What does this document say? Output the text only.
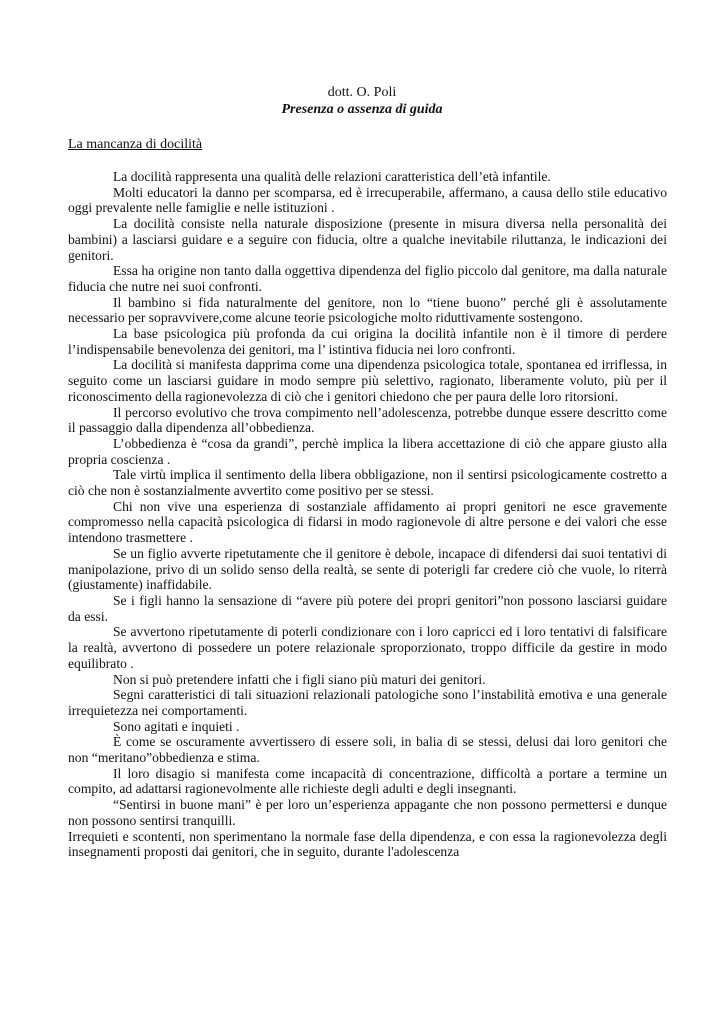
dott. O. Poli
Presenza o assenza di guida
La mancanza di docilità

La docilità rappresenta una qualità delle relazioni caratteristica dell’età infantile.

Molti educatori la danno per scomparsa, ed è irrecuperabile, affermano, a causa dello stile educativo oggi prevalente nelle famiglie e nelle istituzioni .

La docilità consiste nella naturale disposizione (presente in misura diversa nella personalità dei bambini) a lasciarsi guidare e a seguire con fiducia, oltre a qualche inevitabile riluttanza, le indicazioni dei genitori.

Essa ha origine non tanto dalla oggettiva dipendenza del figlio piccolo dal genitore, ma dalla naturale fiducia che nutre nei suoi confronti.

Il bambino si fida naturalmente del genitore, non lo “tiene buono” perché gli è assolutamente necessario per sopravvivere,come alcune teorie psicologiche molto riduttivamente sostengono.

La base psicologica più profonda da cui origina la docilità infantile non è il timore di perdere l’indispensabile benevolenza dei genitori, ma l’ istintiva fiducia nei loro confronti.

La docilità si manifesta dapprima come una dipendenza psicologica totale, spontanea ed irriflessa, in seguito come un lasciarsi guidare in modo sempre più selettivo, ragionato, liberamente voluto, più per il riconoscimento della ragionevolezza di ciò che i genitori chiedono che per paura delle loro ritorsioni.

Il percorso evolutivo che trova compimento nell’adolescenza, potrebbe dunque essere descritto come il passaggio dalla dipendenza all’obbedienza.

L’obbedienza è “cosa da grandi”, perchè implica la libera accettazione di ciò che appare giusto alla propria coscienza .

Tale virtù implica il sentimento della libera obbligazione, non il sentirsi psicologicamente costretto a ciò che non è sostanzialmente avvertito come positivo per se stessi.

Chi non vive una esperienza di sostanziale affidamento ai propri genitori ne esce gravemente compromesso nella capacità psicologica di fidarsi in modo ragionevole di altre persone e dei valori che esse intendono trasmettere .

Se un figlio avverte ripetutamente che il genitore è debole, incapace di difendersi dai suoi tentativi di manipolazione, privo di un solido senso della realtà, se sente di poterigli far credere ciò che vuole, lo riterrà (giustamente) inaffidabile.

Se i figli hanno la sensazione di “avere più potere dei propri genitori”non possono lasciarsi guidare da essi.

Se avvertono ripetutamente di poterli condizionare con i loro capricci ed i loro tentativi di falsificare la realtà, avvertono di possedere un potere relazionale sproporzionato, troppo difficile da gestire in modo equilibrato .

Non si può pretendere infatti che i figli siano più maturi dei genitori.

Segni caratteristici di tali situazioni relazionali patologiche sono l’instabilità emotiva e una generale irrequietezza nei comportamenti.

Sono agitati e inquieti .

È come se oscuramente avvertissero di essere soli, in balia di se stessi, delusi dai loro genitori che non “meritano”obbedienza e stima.

Il loro disagio si manifesta come incapacità di concentrazione, difficoltà a portare a termine un compito, ad adattarsi ragionevolmente alle richieste degli adulti e degli insegnanti.

“Sentirsi in buone mani” è per loro un’esperienza appagante che non possono permettersi e dunque non possono sentirsi tranquilli.

Irrequieti e scontenti, non sperimentano la normale fase della dipendenza, e con essa la ragionevolezza degli insegnamenti proposti dai genitori, che in seguito, durante l'adolescenza
